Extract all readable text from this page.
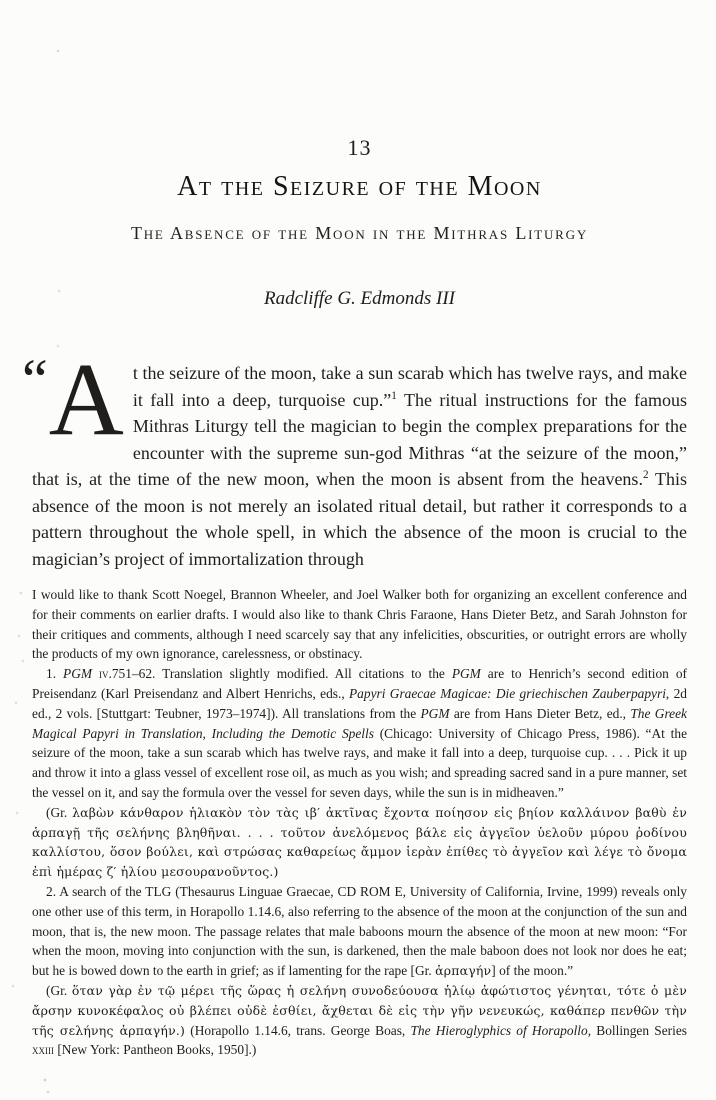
13
At the Seizure of the Moon
The Absence of the Moon in the Mithras Liturgy
Radcliffe G. Edmonds III
“ A t the seizure of the moon, take a sun scarab which has twelve rays, and make it fall into a deep, turquoise cup.”$^1$ The ritual instructions for the famous Mithras Liturgy tell the magician to begin the complex preparations for the encounter with the supreme sun-god Mithras “at the seizure of the moon,” that is, at the time of the new moon, when the moon is absent from the heavens.$^2$ This absence of the moon is not merely an isolated ritual detail, but rather it corresponds to a pattern throughout the whole spell, in which the absence of the moon is crucial to the magician’s project of immortalization through

I would like to thank Scott Noegel, Brannon Wheeler, and Joel Walker both for organizing an excellent conference and for their comments on earlier drafts. I would also like to thank Chris Faraone, Hans Dieter Betz, and Sarah Johnston for their critiques and comments, although I need scarcely say that any infelicities, obscurities, or outright errors are wholly the products of my own ignorance, carelessness, or obstinacy.

1. PGM iv.751–62. Translation slightly modified. All citations to the PGM are to Henrich’s second edition of Preisendanz (Karl Preisendanz and Albert Henrichs, eds., Papyri Graecae Magicae: Die griechischen Zauberpapyri, 2d ed., 2 vols. [Stuttgart: Teubner, 1973–1974]). All translations from the PGM are from Hans Dieter Betz, ed., The Greek Magical Papyri in Translation, Including the Demotic Spells (Chicago: University of Chicago Press, 1986). “At the seizure of the moon, take a sun scarab which has twelve rays, and make it fall into a deep, turquoise cup. . . . Pick it up and throw it into a glass vessel of excellent rose oil, as much as you wish; and spreading sacred sand in a pure manner, set the vessel on it, and say the formula over the vessel for seven days, while the sun is in midheaven.”

(Gr. λαβὼν κάνθαρον ἡλιακὸν τὸν τὰς ιβ′ ἀκτῖνας ἔχοντα ποίησον εἰς βηίον καλλάινον βαθὺ ἐν ἁρπαγῇ τῆς σελήνης βληθῆναι. . . . τοῦτον ἀνελόμενος βάλε εἰς ἀγγεῖον ὑελοῦν μύρου ῥοδίνου καλλίστου, ὅσον βούλει, καὶ στρώσας καθαρείως ἄμμον ἱερὰν ἐπίθες τὸ ἀγγεῖον καὶ λέγε τὸ ὄνομα ἐπὶ ἡμέρας ζ′ ἡλίου μεσουρανοῦντος.)

2. A search of the TLG (Thesaurus Linguae Graecae, CD ROM E, University of California, Irvine, 1999) reveals only one other use of this term, in Horapollo 1.14.6, also referring to the absence of the moon at the conjunction of the sun and moon, that is, the new moon. The passage relates that male baboons mourn the absence of the moon at new moon: “For when the moon, moving into conjunction with the sun, is darkened, then the male baboon does not look nor does he eat; but he is bowed down to the earth in grief; as if lamenting for the rape [Gr. ἁρπαγήν] of the moon.”

(Gr. ὅταν γὰρ ἐν τῷ μέρει τῆς ὥρας ἡ σελήνη συνοδεύουσα ἡλίῳ ἀφώτιστος γένηται, τότε ὁ μὲν ἄρσην κυνοκέφαλος οὐ βλέπει οὐδὲ ἐσθίει, ἄχθεται δὲ εἰς τὴν γῆν νενευκώς, καθάπερ πενθῶν τὴν τῆς σελήνης ἁρπαγήν.) (Horapollo 1.14.6, trans. George Boas, The Hieroglyphics of Horapollo, Bollingen Series xxiii [New York: Pantheon Books, 1950].)
